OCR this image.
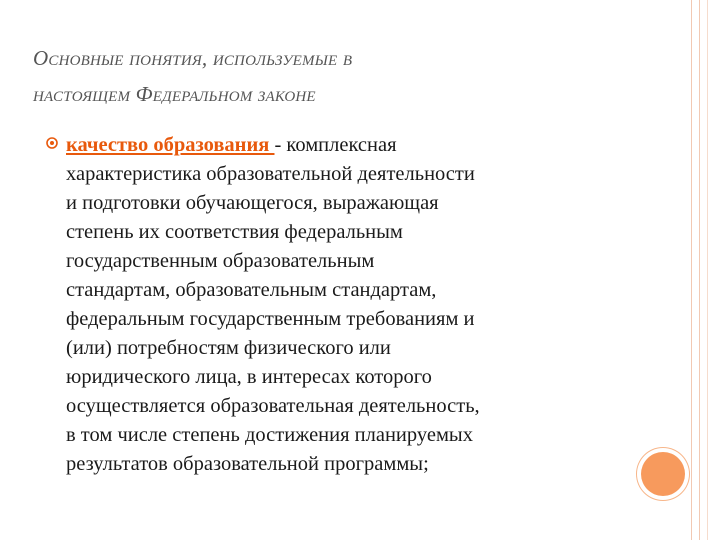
Основные понятия, используемые в
настоящем Федеральном законе
качество образования - комплексная
характеристика образовательной деятельности
и подготовки обучающегося, выражающая
степень их соответствия федеральным
государственным образовательным
стандартам, образовательным стандартам,
федеральным государственным требованиям и
(или) потребностям физического или
юридического лица, в интересах которого
осуществляется образовательная деятельность,
в том числе степень достижения планируемых
результатов образовательной программы;
